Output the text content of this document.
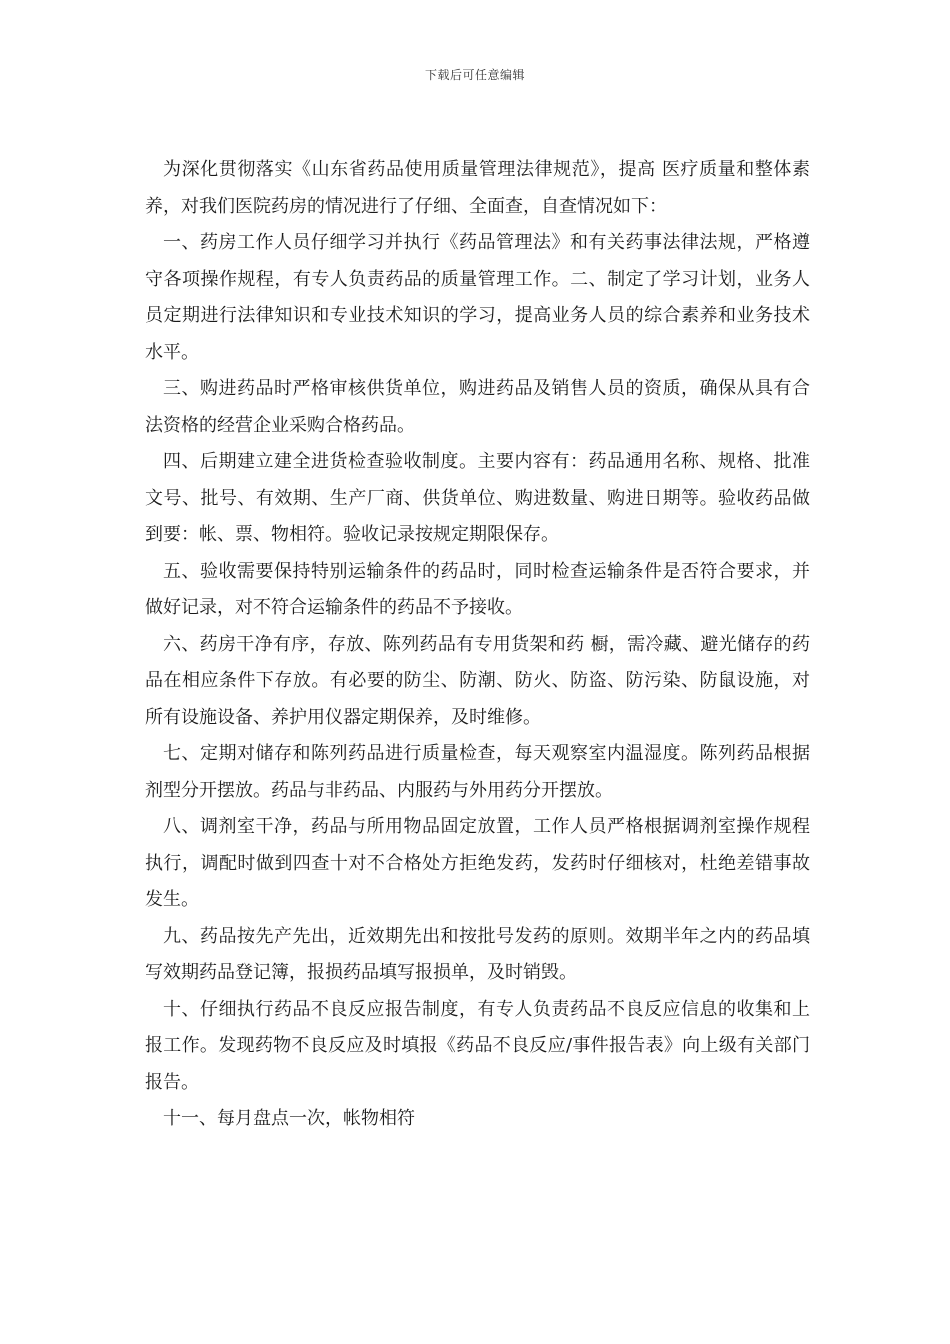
下载后可任意编辑

为深化贯彻落实《山东省药品使用质量管理法律规范》，提高 医疗质量和整体素养，对我们医院药房的情况进行了仔细、全面查，自查情况如下：

一、药房工作人员仔细学习并执行《药品管理法》和有关药事法律法规，严格遵守各项操作规程，有专人负责药品的质量管理工作。二、制定了学习计划，业务人员定期进行法律知识和专业技术知识的学习，提高业务人员的综合素养和业务技术水平。

三、购进药品时严格审核供货单位，购进药品及销售人员的资质，确保从具有合法资格的经营企业采购合格药品。

四、后期建立建全进货检查验收制度。主要内容有：药品通用名称、规格、批准文号、批号、有效期、生产厂商、供货单位、购进数量、购进日期等。验收药品做到要：帐、票、物相符。验收记录按规定期限保存。

五、验收需要保持特别运输条件的药品时，同时检查运输条件是否符合要求，并做好记录，对不符合运输条件的药品不予接收。

六、药房干净有序，存放、陈列药品有专用货架和药 橱，需冷藏、避光储存的药品在相应条件下存放。有必要的防尘、防潮、防火、防盗、防污染、防鼠设施，对所有设施设备、养护用仪器定期保养，及时维修。

七、定期对储存和陈列药品进行质量检查，每天观察室内温湿度。陈列药品根据剂型分开摆放。药品与非药品、内服药与外用药分开摆放。

八、调剂室干净，药品与所用物品固定放置，工作人员严格根据调剂室操作规程执行，调配时做到四查十对不合格处方拒绝发药，发药时仔细核对，杜绝差错事故发生。

九、药品按先产先出，近效期先出和按批号发药的原则。效期半年之内的药品填写效期药品登记簿，报损药品填写报损单，及时销毁。

十、仔细执行药品不良反应报告制度，有专人负责药品不良反应信息的收集和上报工作。发现药物不良反应及时填报《药品不良反应/事件报告表》向上级有关部门报告。

十一、每月盘点一次，帐物相符
